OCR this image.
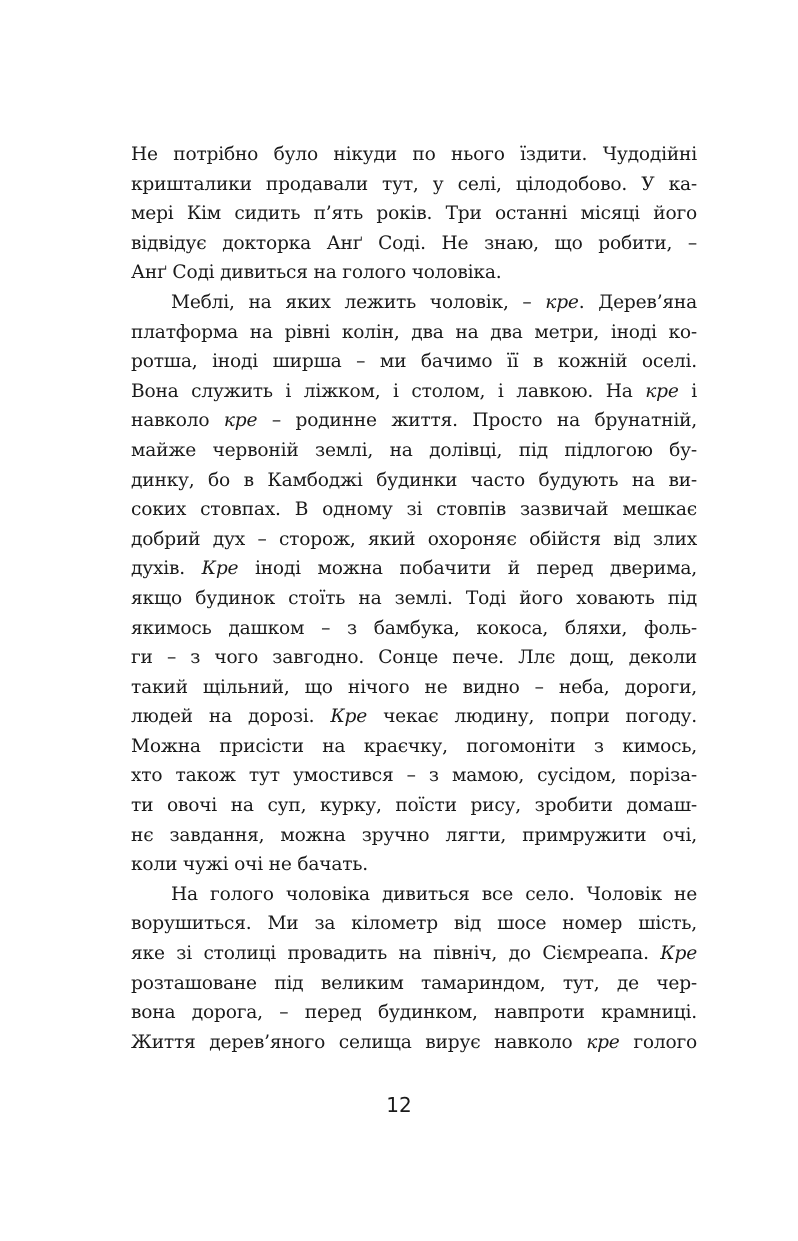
Не потрібно було нікуди по нього їздити. Чудодійні
кришталики продавали тут, у селі, цілодобово. У ка-
мері Кім сидить п’ять років. Три останні місяці його
відвідує докторка Анґ Соді. Не знаю, що робити, –
Анґ Соді дивиться на голого чоловіка.
Меблі, на яких лежить чоловік, – кре. Дерев’яна
платформа на рівні колін, два на два метри, іноді ко-
ротша, іноді ширша – ми бачимо її в кожній оселі.
Вона служить і ліжком, і столом, і лавкою. На кре і
навколо кре – родинне життя. Просто на брунатній,
майже червоній землі, на долівці, під підлогою бу-
динку, бо в Камбоджі будинки часто будують на ви-
соких стовпах. В одному зі стовпів зазвичай мешкає
добрий дух – сторож, який охороняє обійстя від злих
духів. Кре іноді можна побачити й перед дверима,
якщо будинок стоїть на землі. Тоді його ховають під
якимось дашком – з бамбука, кокоса, бляхи, фоль-
ги – з чого завгодно. Сонце пече. Ллє дощ, деколи
такий щільний, що нічого не видно – неба, дороги,
людей на дорозі. Кре чекає людину, попри погоду.
Можна присісти на краєчку, погомоніти з кимось,
хто також тут умостився – з мамою, сусідом, поріза-
ти овочі на суп, курку, поїсти рису, зробити домаш-
нє завдання, можна зручно лягти, примружити очі,
коли чужі очі не бачать.
На голого чоловіка дивиться все село. Чоловік не
ворушиться. Ми за кілометр від шосе номер шість,
яке зі столиці провадить на північ, до Сіємреапа. Кре
розташоване під великим тамариндом, тут, де чер-
вона дорога, – перед будинком, навпроти крамниці.
Життя дерев’яного селища вирує навколо кре голого
12
